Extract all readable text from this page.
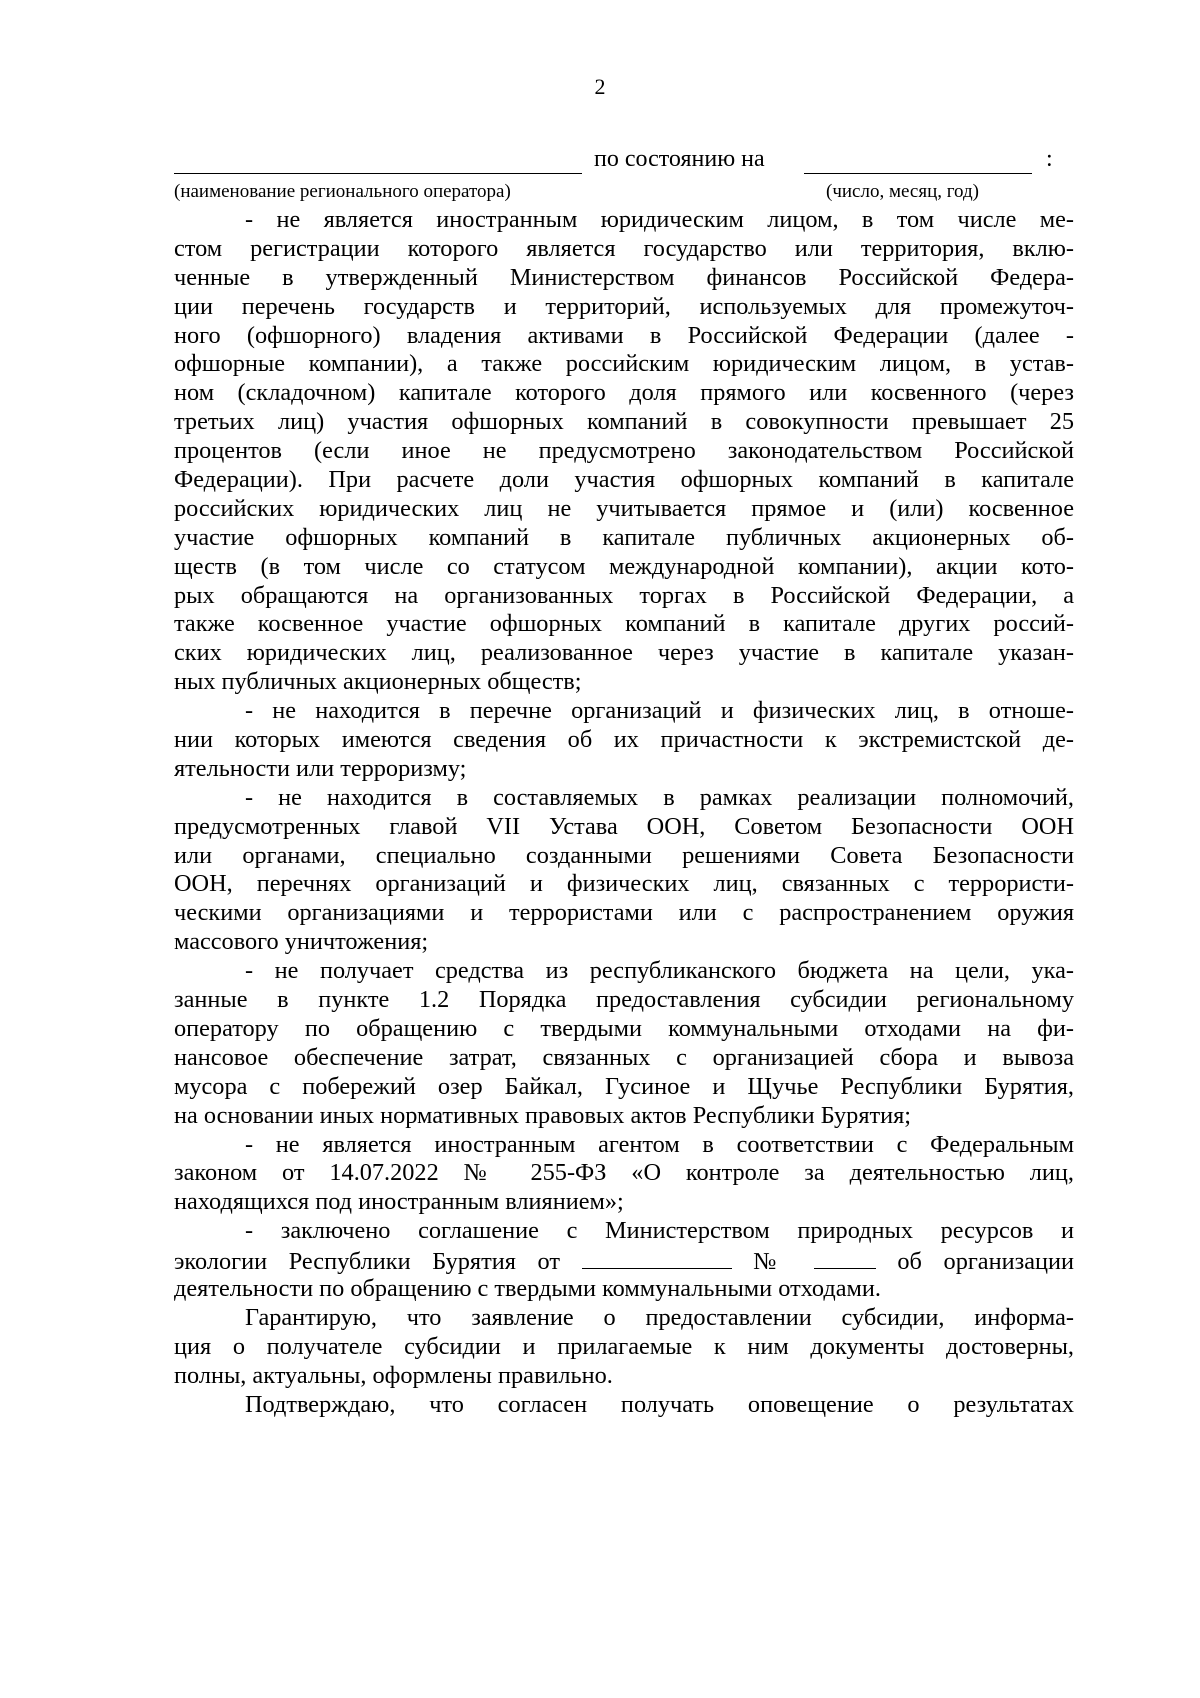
2
по состоянию на	:
(наименование регионального оператора)	(число, месяц, год)
- не является иностранным юридическим лицом, в том числе ме-
стом регистрации которого является государство или территория, вклю-
ченные в утвержденный Министерством финансов Российской Федера-
ции перечень государств и территорий, используемых для промежуточ-
ного (офшорного) владения активами в Российской Федерации (далее -
офшорные компании), а также российским юридическим лицом, в устав-
ном (складочном) капитале которого доля прямого или косвенного (через
третьих лиц) участия офшорных компаний в совокупности превышает 25
процентов (если иное не предусмотрено законодательством Российской
Федерации). При расчете доли участия офшорных компаний в капитале
российских юридических лиц не учитывается прямое и (или) косвенное
участие офшорных компаний в капитале публичных акционерных об-
ществ (в том числе со статусом международной компании), акции кото-
рых обращаются на организованных торгах в Российской Федерации, а
также косвенное участие офшорных компаний в капитале других россий-
ских юридических лиц, реализованное через участие в капитале указан-
ных публичных акционерных обществ;
- не находится в перечне организаций и физических лиц, в отноше-
нии которых имеются сведения об их причастности к экстремистской де-
ятельности или терроризму;
- не находится в составляемых в рамках реализации полномочий,
предусмотренных главой VII Устава ООН, Советом Безопасности ООН
или органами, специально созданными решениями Совета Безопасности
ООН, перечнях организаций и физических лиц, связанных с террористи-
ческими организациями и террористами или с распространением оружия
массового уничтожения;
- не получает средства из республиканского бюджета на цели, ука-
занные в пункте 1.2 Порядка предоставления субсидии региональному
оператору по обращению с твердыми коммунальными отходами на фи-
нансовое обеспечение затрат, связанных с организацией сбора и вывоза
мусора с побережий озер Байкал, Гусиное и Щучье Республики Бурятия,
на основании иных нормативных правовых актов Республики Бурятия;
- не является иностранным агентом в соответствии с Федеральным
законом от 14.07.2022 № 255-ФЗ «О контроле за деятельностью лиц,
находящихся под иностранным влиянием»;
- заключено соглашение с Министерством природных ресурсов и
экологии Республики Бурятия от	№	об организации
деятельности по обращению с твердыми коммунальными отходами.
Гарантирую, что заявление о предоставлении субсидии, информа-
ция о получателе субсидии и прилагаемые к ним документы достоверны,
полны, актуальны, оформлены правильно.
Подтверждаю, что согласен получать оповещение о результатах
